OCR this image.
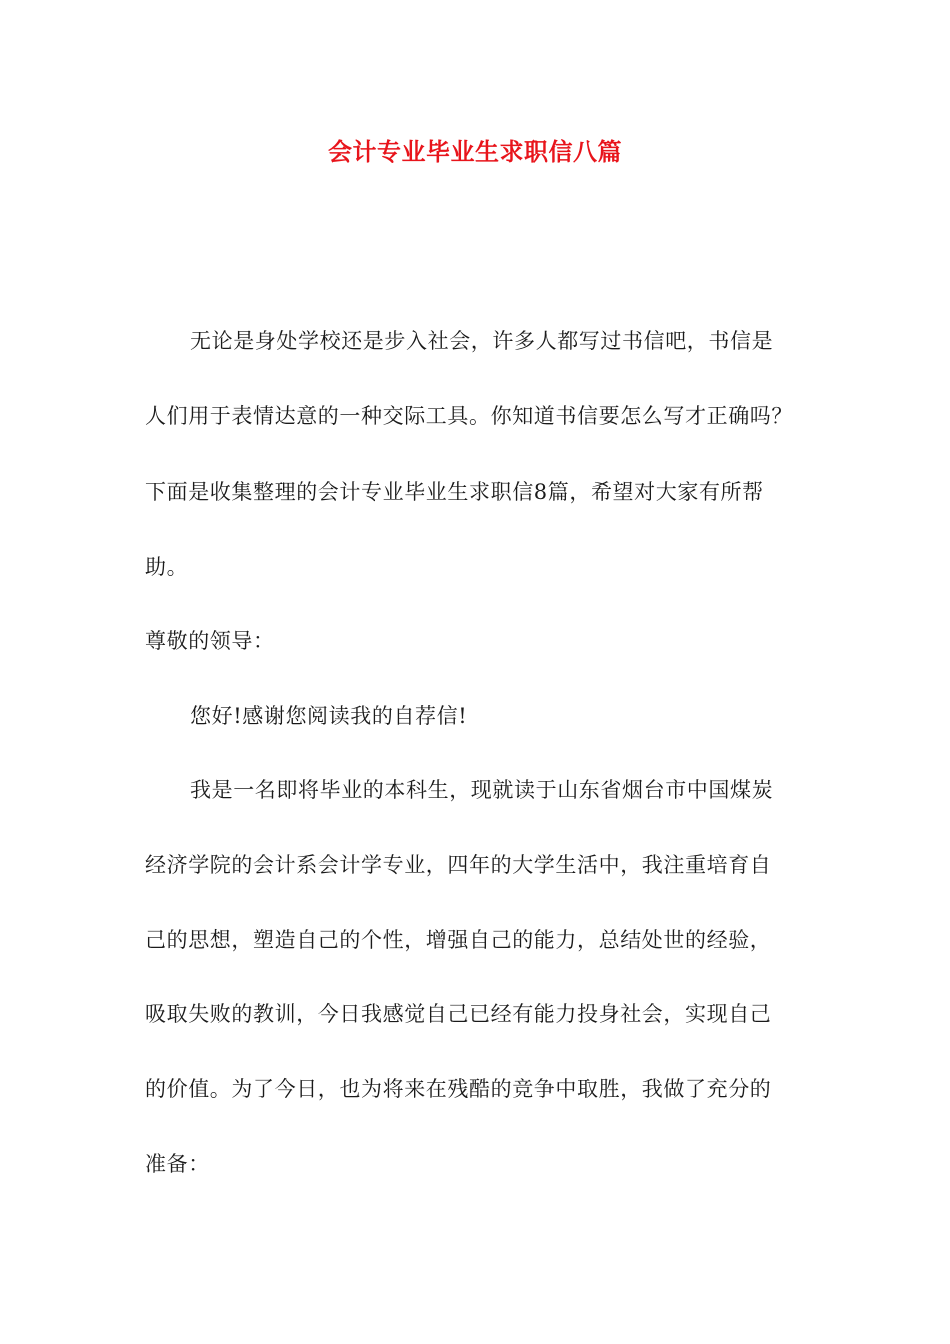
会计专业毕业生求职信八篇

无论是身处学校还是步入社会，许多人都写过书信吧，书信是

人们用于表情达意的一种交际工具。你知道书信要怎么写才正确吗？

下面是收集整理的会计专业毕业生求职信8篇，希望对大家有所帮

助。

尊敬的领导：

您好!感谢您阅读我的自荐信!

我是一名即将毕业的本科生，现就读于山东省烟台市中国煤炭

经济学院的会计系会计学专业，四年的大学生活中，我注重培育自

己的思想，塑造自己的个性，增强自己的能力，总结处世的经验，

吸取失败的教训，今日我感觉自己已经有能力投身社会，实现自己

的价值。为了今日，也为将来在残酷的竞争中取胜，我做了充分的

准备：
